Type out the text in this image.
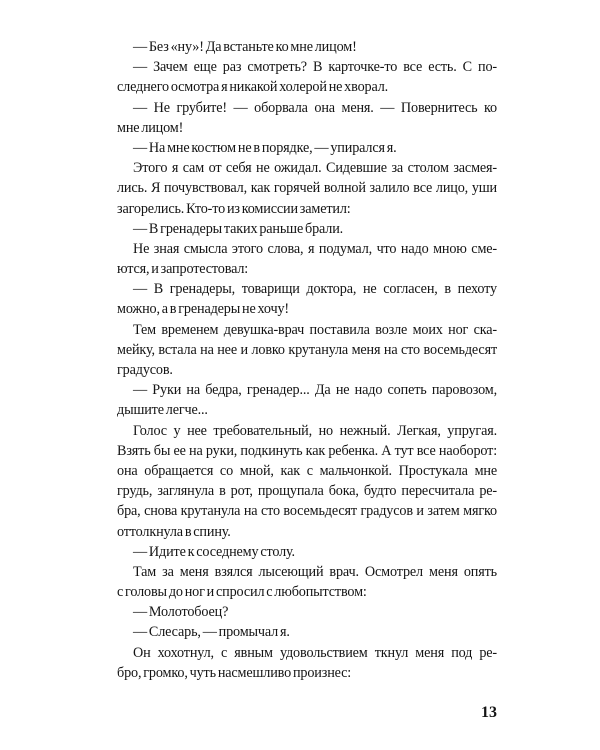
— Без «ну»! Да встаньте ко мне лицом!
— Зачем еще раз смотреть? В карточке-то все есть. С по-
следнего осмотра я никакой холерой не хворал.
— Не грубите! — оборвала она меня. — Повернитесь ко
мне лицом!
— На мне костюм не в порядке, — упирался я.
Этого я сам от себя не ожидал. Сидевшие за столом засмея-
лись. Я почувствовал, как горячей волной залило все лицо, уши
загорелись. Кто-то из комиссии заметил:
— В гренадеры таких раньше брали.
Не зная смысла этого слова, я подумал, что надо мною сме-
ются, и запротестовал:
— В гренадеры, товарищи доктора, не согласен, в пехоту
можно, а в гренадеры не хочу!
Тем временем девушка-врач поставила возле моих ног ска-
мейку, встала на нее и ловко крутанула меня на сто восемьдесят
градусов.
— Руки на бедра, гренадер... Да не надо сопеть паровозом,
дышите легче...
Голос у нее требовательный, но нежный. Легкая, упругая.
Взять бы ее на руки, подкинуть как ребенка. А тут все наоборот:
она обращается со мной, как с мальчонкой. Простукала мне
грудь, заглянула в рот, прощупала бока, будто пересчитала ре-
бра, снова крутанула на сто восемьдесят градусов и затем мягко
оттолкнула в спину.
— Идите к соседнему столу.
Там за меня взялся лысеющий врач. Осмотрел меня опять
с головы до ног и спросил с любопытством:
— Молотобоец?
— Слесарь, — промычал я.
Он хохотнул, с явным удовольствием ткнул меня под ре-
бро, громко, чуть насмешливо произнес:
13
